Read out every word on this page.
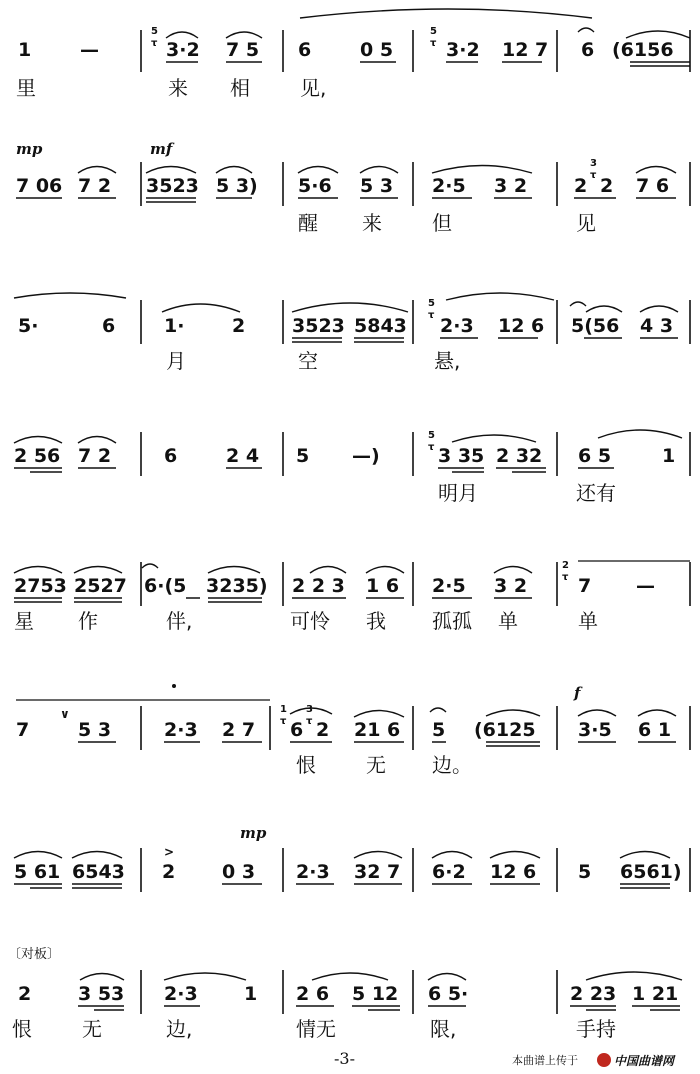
1	—
5
τ 3·2 7 5 6	0 5
5
τ 3·2 12 7 6 (6156
里	来 相	见,
mp	mf
7 06 7 2 3523 5 3) 5·6 5 3 2·5 3 2 2
3
τ 2 7 6
醒 来	但	见
5·	6	1·	2 3523 5843
5
τ 2·3 12 6 5(56 4 3
月	空	悬,
2 56 7 2	6	2 4 5 —)
5
τ 3 35 2 32 6 5	1
明月	还有
2753 2527 6·(5 3235) 2 2 3 1 6 2·5 3 2
2
τ 7 —
星 作	伴,	可怜 我 孤孤 单	单
7
∨
5 3	2·3 2 7
1
τ 6
3
τ 2 21 6 5 (6125
f
3·5 6 1
恨	无 边。
5 61 6543
>
2
mp
0 3 2·3 32 7 6·2 12 6 5 6561)
〔对板〕
2 3 53 2·3 1 2 6 5 12 6 5·	2 23 1 21
恨	无	边,	情无	限,	手持
-3-	本曲谱上传于	中国曲谱网
